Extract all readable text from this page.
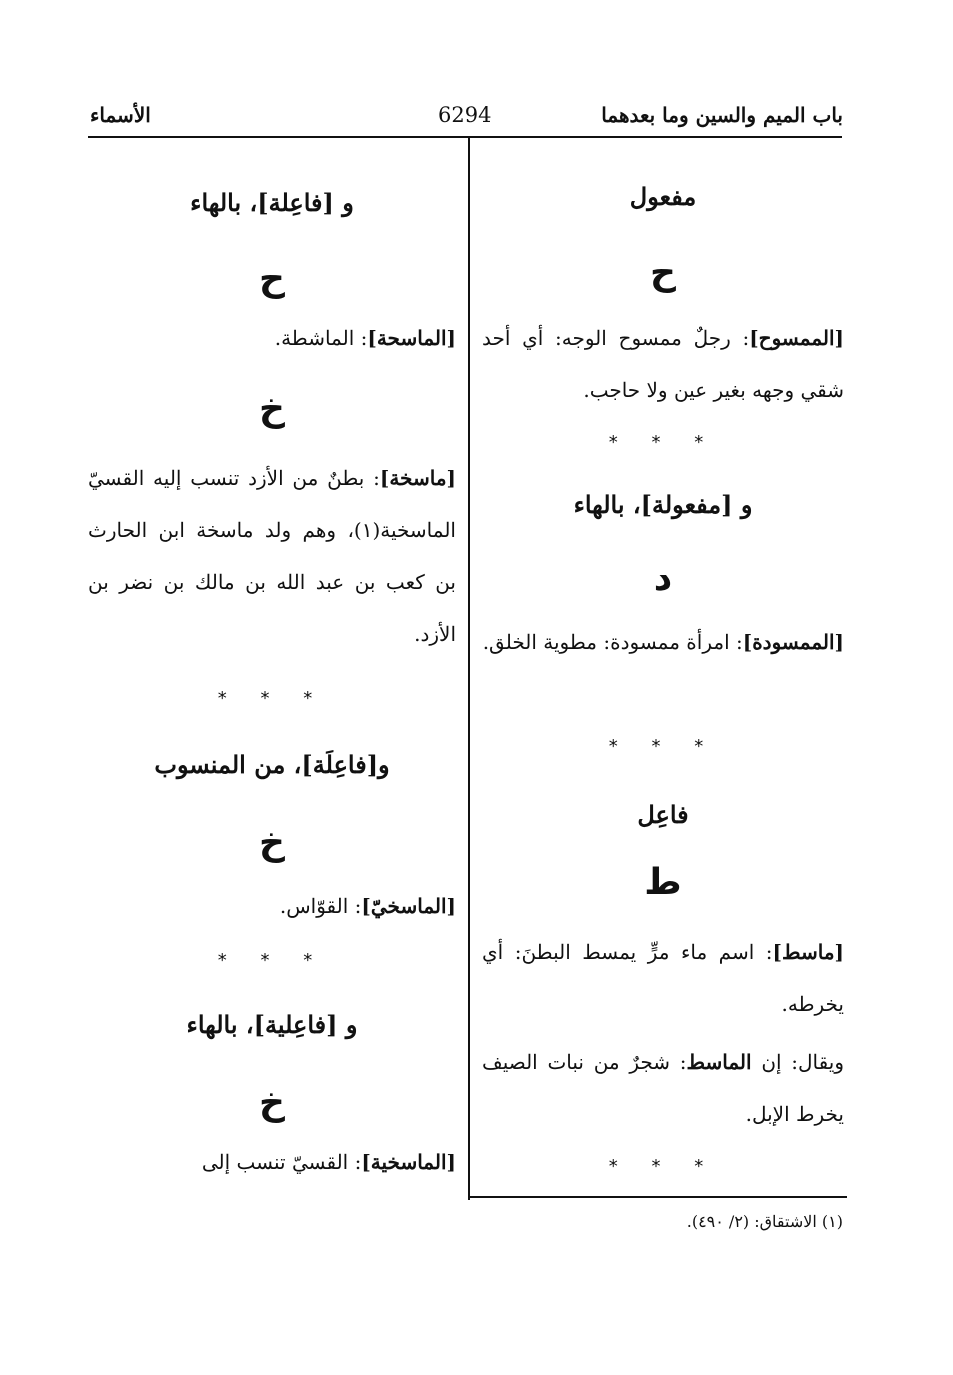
باب الميم والسين وما بعدهما
6294
الأسماء
مفعول
ح

[الممسوح]: رجلٌ ممسوح الوجه: أي أحد شقي وجهه بغير عين ولا حاجب.

* * *
و [مفعولة]، بالهاء
د

[الممسودة]: امرأة ممسودة: مطوية الخلق.

* * *
فاعِل
ط

[ماسط]: اسم ماء مرٍّ يمسط البطنَ: أي يخرطه.

ويقال: إن الماسط: شجرٌ من نبات الصيف يخرط الإبل.

* * *
و [فاعِلة]، بالهاء
ح

[الماسحة]: الماشطة.

خ

[ماسخة]: بطنٌ من الأزد تنسب إليه القسيّ الماسخية(١)، وهم ولد ماسخة ابن الحارث بن كعب بن عبد الله بن مالك بن نضر بن الأزد.

* * *
و[فاعِلَة]، من المنسوب
خ

[الماسخيّ]: القوّاس.

* * *
و [فاعِلية]، بالهاء
خ

[الماسخية]: القسيّ تنسب إلى

(١) الاشتقاق: (٢/ ٤٩٠).
